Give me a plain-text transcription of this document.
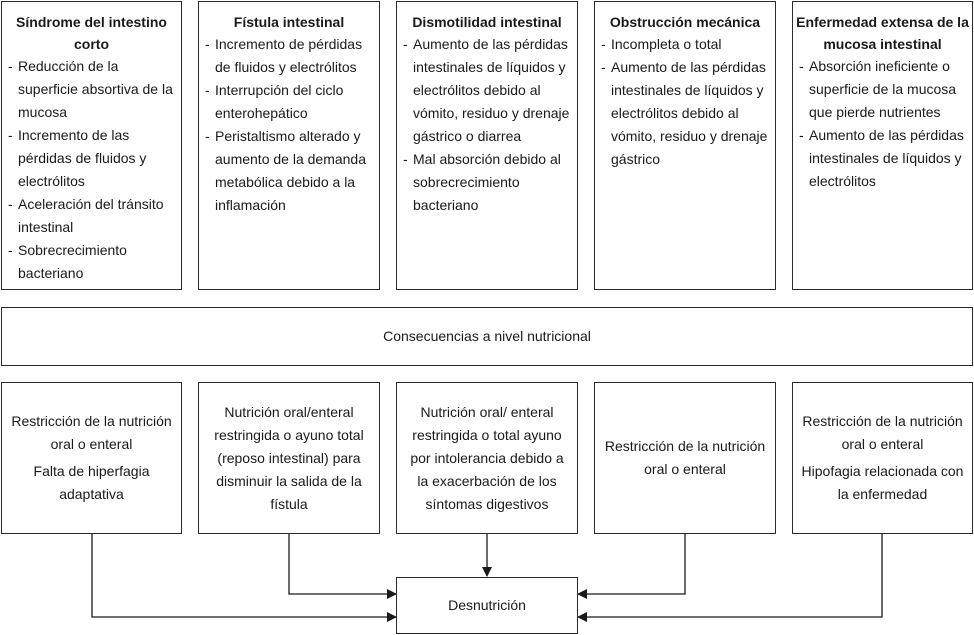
Síndrome del intestino corto
- Reducción de la superficie absortiva de la mucosa
- Incremento de las pérdidas de fluidos y electrólitos
- Aceleración del tránsito intestinal
- Sobrecrecimiento bacteriano
Fístula intestinal
- Incremento de pérdidas de fluidos y electrólitos
- Interrupción del ciclo enterohepático
- Peristaltismo alterado y aumento de la demanda metabólica debido a la inflamación
Dismotilidad intestinal
- Aumento de las pérdidas intestinales de líquidos y electrólitos debido al vómito, residuo y drenaje gástrico o diarrea
- Mal absorción debido al sobrecrecimiento bacteriano
Obstrucción mecánica
- Incompleta o total
- Aumento de las pérdidas intestinales de líquidos y electrólitos debido al vómito, residuo y drenaje gástrico
Enfermedad extensa de la mucosa intestinal
- Absorción ineficiente o superficie de la mucosa que pierde nutrientes
- Aumento de las pérdidas intestinales de líquidos y electrólitos

Consecuencias a nivel nutricional

Restricción de la nutrición oral o enteral

Falta de hiperfagia adaptativa

Nutrición oral/enteral restringida o ayuno total (reposo intestinal) para disminuir la salida de la fístula

Nutrición oral/ enteral restringida o total ayuno por intolerancia debido a la exacerbación de los síntomas digestivos

Restricción de la nutrición oral o enteral

Restricción de la nutrición oral o enteral

Hipofagia relacionada con la enfermedad

Desnutrición
